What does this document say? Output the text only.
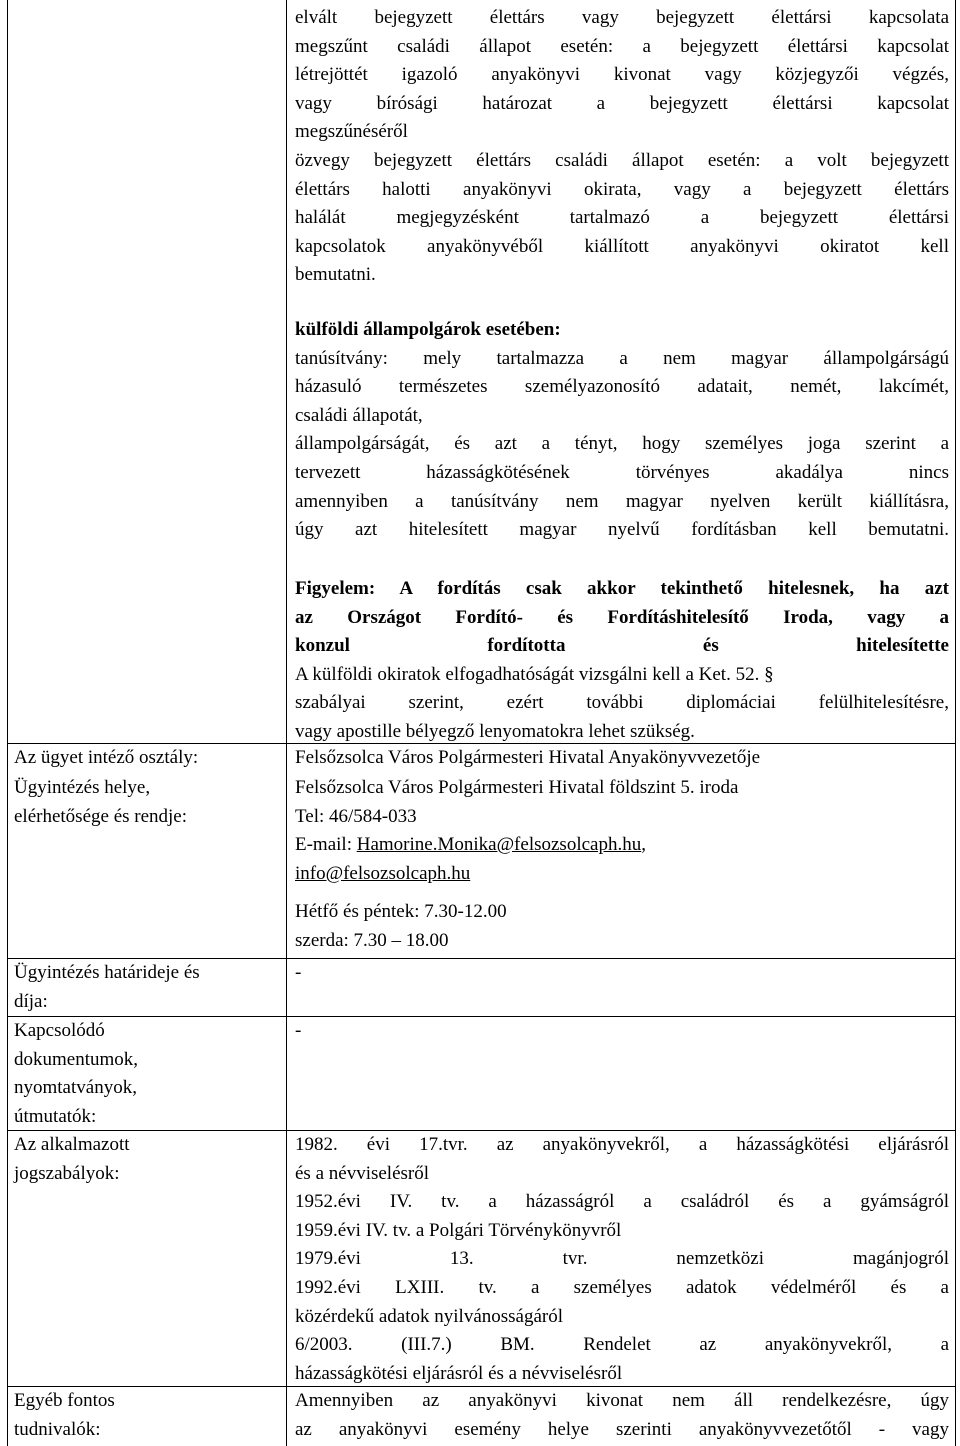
elvált bejegyzett élettárs vagy bejegyzett élettársi kapcsolata
megszűnt családi állapot esetén: a bejegyzett élettársi kapcsolat
létrejöttét igazoló anyakönyvi kivonat vagy közjegyzői végzés,
vagy bírósági határozat a bejegyzett élettársi kapcsolat
megszűnéséről
özvegy bejegyzett élettárs családi állapot esetén: a volt bejegyzett
élettárs halotti anyakönyvi okirata, vagy a bejegyzett élettárs
halálát megjegyzésként tartalmazó a bejegyzett élettársi
kapcsolatok anyakönyvéből kiállított anyakönyvi okiratot kell
bemutatni.
külföldi állampolgárok esetében:
tanúsítvány: mely tartalmazza a nem magyar állampolgárságú
házasuló természetes személyazonosító adatait, nemét, lakcímét,
családi állapotát,
állampolgárságát, és azt a tényt, hogy személyes joga szerint a
tervezett házasságkötésének törvényes akadálya nincs
amennyiben a tanúsítvány nem magyar nyelven került kiállításra,
úgy azt hitelesített magyar nyelvű fordításban kell bemutatni.
Figyelem: A fordítás csak akkor tekinthető hitelesnek, ha azt
az Országot Fordító- és Fordításhitelesítő Iroda, vagy a
konzul fordította és hitelesítette
A külföldi okiratok elfogadhatóságát vizsgálni kell a Ket. 52. §
szabályai szerint, ezért további diplomáciai felülhitelesítésre,
vagy apostille bélyegző lenyomatokra lehet szükség.
Az ügyet intéző osztály:	Felsőzsolca Város Polgármesteri Hivatal Anyakönyvvezetője
Ügyintézés helye,
elérhetősége és rendje:
Felsőzsolca Város Polgármesteri Hivatal földszint 5. iroda
Tel: 46/584-033
E-mail: Hamorine.Monika@felsozsolcaph.hu,
info@felsozsolcaph.hu
Hétfő és péntek: 7.30-12.00
szerda: 7.30 – 18.00
Ügyintézés határideje és
díja:
-
Kapcsolódó
dokumentumok,
nyomtatványok,
útmutatók:
-
Az alkalmazott
jogszabályok:
1982. évi 17.tvr. az anyakönyvekről, a házasságkötési eljárásról
és a névviselésről
1952.évi IV. tv. a házasságról a családról és a gyámságról
1959.évi IV. tv. a Polgári Törvénykönyvről
1979.évi 13. tvr. nemzetközi magánjogról
1992.évi LXIII. tv. a személyes adatok védelméről és a
közérdekű adatok nyilvánosságáról
6/2003. (III.7.) BM. Rendelet az anyakönyvekről, a
házasságkötési eljárásról és a névviselésről
Egyéb fontos
tudnivalók:
Amennyiben az anyakönyvi kivonat nem áll rendelkezésre, úgy
az anyakönyvi esemény helye szerinti anyakönyvvezetőtől - vagy
